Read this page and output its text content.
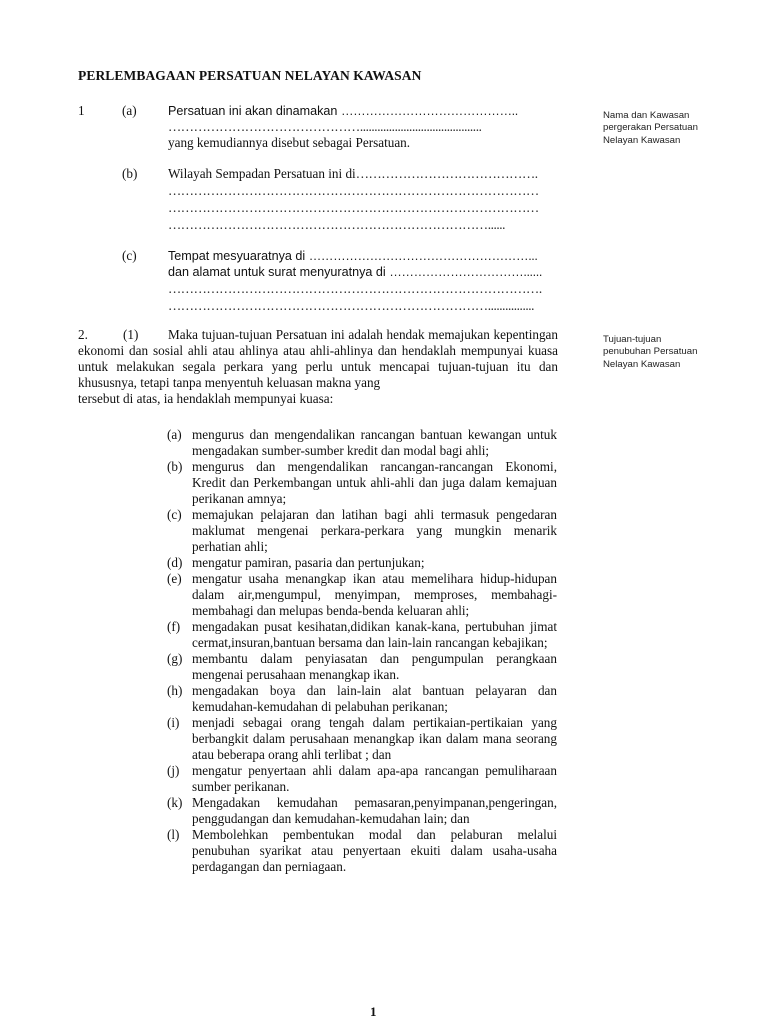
PERLEMBAGAAN PERSATUAN NELAYAN KAWASAN
1	(a) Persatuan ini akan dinamakan ……………………………………..
………………………………………..........................................
yang kemudiannya disebut sebagai Persatuan.
Nama dan Kawasan
pergerakan Persatuan
Nelayan Kawasan
(b) Wilayah Sempadan Persatuan ini di…………………………………….
……………………………………………………………………………
……………………………………………………………………………
…………………………………………………………………......
(c) Tempat mesyuaratnya di ………………………………………………...
dan alamat untuk surat menyuratnya di ……………………………......
…………………………………………………………………………….
…………………………………………………………………................
2.	(1) Maka tujuan-tujuan Persatuan ini adalah hendak memajukan kepentingan ekonomi dan sosial ahli atau ahlinya atau ahli-ahlinya dan hendaklah mempunyai kuasa untuk melakukan segala perkara yang perlu untuk mencapai tujuan-tujuan itu dan khususnya, tetapi tanpa menyentuh keluasan makna yang
tersebut di atas, ia hendaklah mempunyai kuasa:
Tujuan-tujuan
penubuhan Persatuan
Nelayan Kawasan
(a) mengurus dan mengendalikan rancangan bantuan kewangan untuk mengadakan sumber-sumber kredit dan modal bagi ahli;
(b) mengurus dan mengendalikan rancangan-rancangan Ekonomi, Kredit dan Perkembangan untuk ahli-ahli dan juga dalam kemajuan perikanan amnya;
(c) memajukan pelajaran dan latihan bagi ahli termasuk pengedaran maklumat mengenai perkara-perkara yang mungkin menarik perhatian ahli;
(d) mengatur pamiran, pasaria dan pertunjukan;
(e) mengatur usaha menangkap ikan atau memelihara hidup-hidupan dalam air,mengumpul, menyimpan, memproses, membahagi-membahagi dan melupas benda-benda keluaran ahli;
(f) mengadakan pusat kesihatan,didikan kanak-kana, pertubuhan jimat cermat,insuran,bantuan bersama dan lain-lain rancangan kebajikan;
(g) membantu dalam penyiasatan dan pengumpulan perangkaan mengenai perusahaan menangkap ikan.
(h) mengadakan boya dan lain-lain alat bantuan pelayaran dan kemudahan-kemudahan di pelabuhan perikanan;
(i) menjadi sebagai orang tengah dalam pertikaian-pertikaian yang berbangkit dalam perusahaan menangkap ikan dalam mana seorang atau beberapa orang ahli terlibat ; dan
(j) mengatur penyertaan ahli dalam apa-apa rancangan pemuliharaan sumber perikanan.
(k) Mengadakan kemudahan pemasaran,penyimpanan,pengeringan, penggudangan dan kemudahan-kemudahan lain; dan
(l) Membolehkan pembentukan modal dan pelaburan melalui penubuhan syarikat atau penyertaan ekuiti dalam usaha-usaha perdagangan dan perniagaan.
1
